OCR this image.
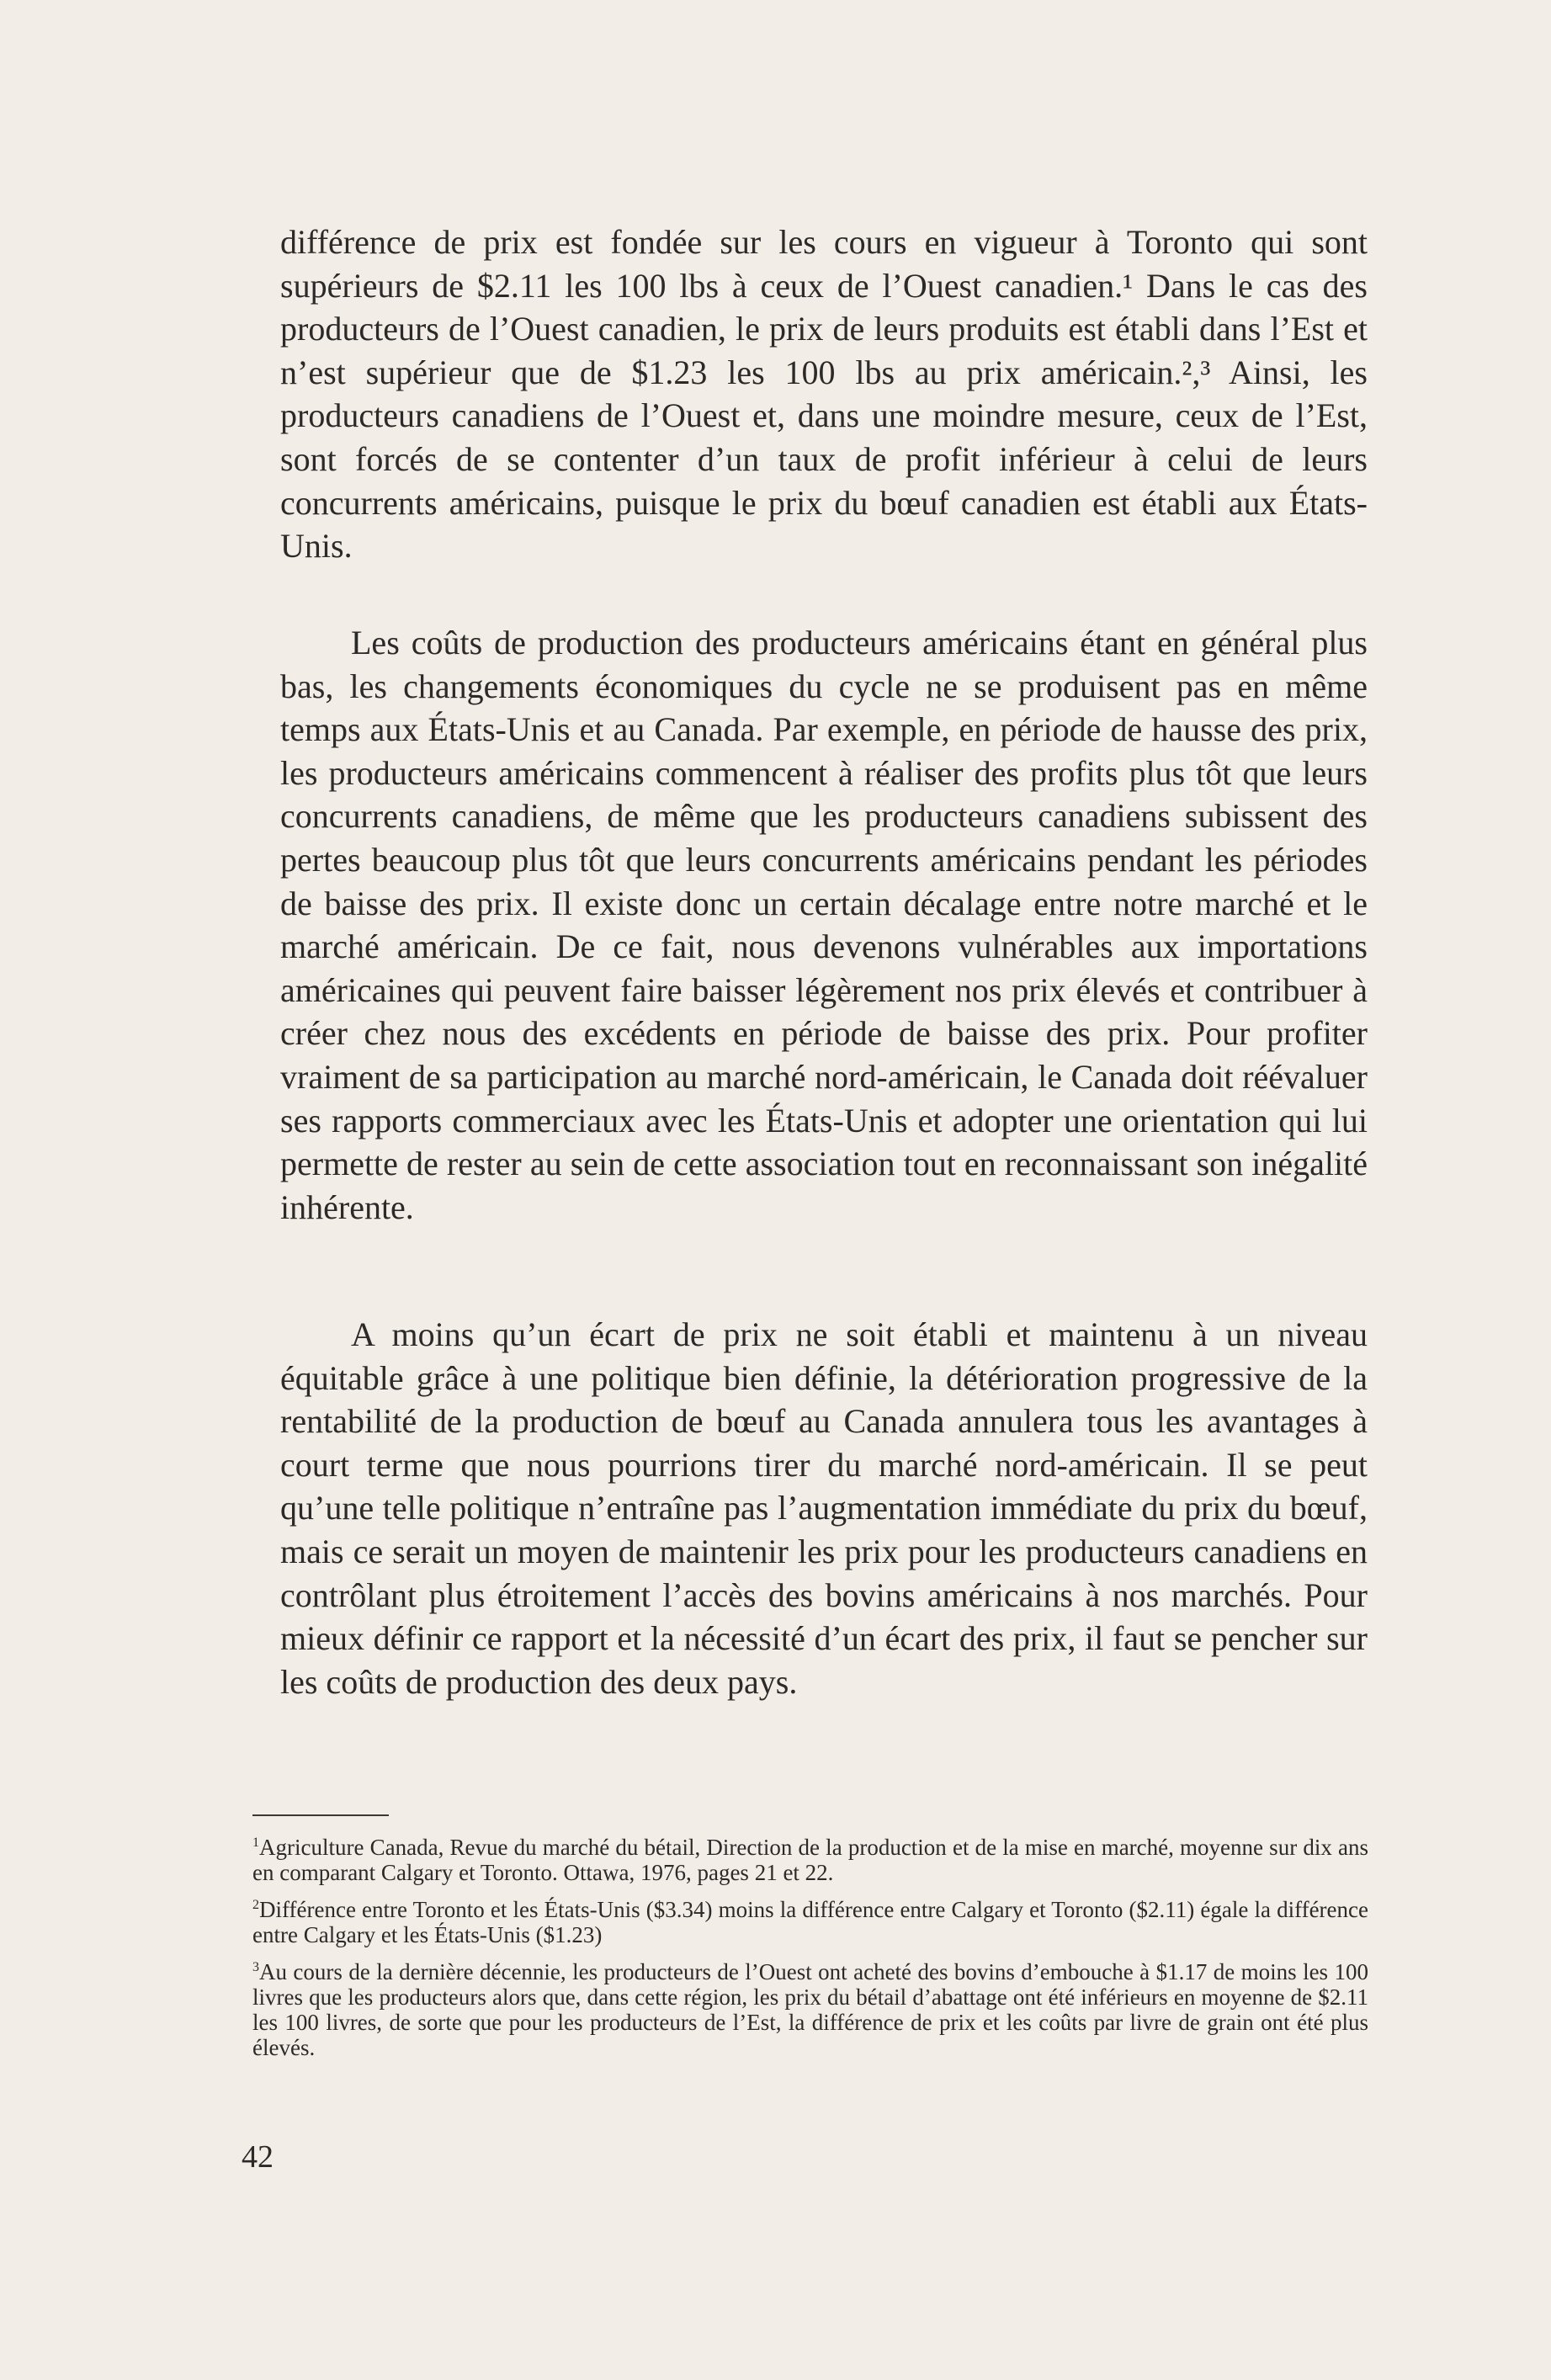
différence de prix est fondée sur les cours en vigueur à Toronto qui sont supérieurs de $2.11 les 100 lbs à ceux de l’Ouest canadien.¹ Dans le cas des producteurs de l’Ouest canadien, le prix de leurs produits est établi dans l’Est et n’est supérieur que de $1.23 les 100 lbs au prix américain.²,³ Ainsi, les producteurs canadiens de l’Ouest et, dans une moindre mesure, ceux de l’Est, sont forcés de se contenter d’un taux de profit inférieur à celui de leurs concurrents américains, puisque le prix du bœuf canadien est établi aux États-Unis.

Les coûts de production des producteurs américains étant en général plus bas, les changements économiques du cycle ne se produisent pas en même temps aux États-Unis et au Canada. Par exemple, en période de hausse des prix, les producteurs américains commencent à réaliser des profits plus tôt que leurs concurrents canadiens, de même que les producteurs canadiens subissent des pertes beaucoup plus tôt que leurs concurrents américains pendant les périodes de baisse des prix. Il existe donc un certain décalage entre notre marché et le marché américain. De ce fait, nous devenons vulnérables aux importations américaines qui peuvent faire baisser légèrement nos prix élevés et contribuer à créer chez nous des excédents en période de baisse des prix. Pour profiter vraiment de sa participation au marché nord-américain, le Canada doit réévaluer ses rapports commerciaux avec les États-Unis et adopter une orientation qui lui permette de rester au sein de cette association tout en reconnaissant son inégalité inhérente.

A moins qu’un écart de prix ne soit établi et maintenu à un niveau équitable grâce à une politique bien définie, la détérioration progressive de la rentabilité de la production de bœuf au Canada annulera tous les avantages à court terme que nous pourrions tirer du marché nord-américain. Il se peut qu’une telle politique n’entraîne pas l’augmentation immédiate du prix du bœuf, mais ce serait un moyen de maintenir les prix pour les producteurs canadiens en contrôlant plus étroitement l’accès des bovins américains à nos marchés. Pour mieux définir ce rapport et la nécessité d’un écart des prix, il faut se pencher sur les coûts de production des deux pays.

$^1$Agriculture Canada, Revue du marché du bétail, Direction de la production et de la mise en marché, moyenne sur dix ans en comparant Calgary et Toronto. Ottawa, 1976, pages 21 et 22.

$^2$Différence entre Toronto et les États-Unis ($3.34) moins la différence entre Calgary et Toronto ($2.11) égale la différence entre Calgary et les États-Unis ($1.23)

$^3$Au cours de la dernière décennie, les producteurs de l’Ouest ont acheté des bovins d’embouche à $1.17 de moins les 100 livres que les producteurs alors que, dans cette région, les prix du bétail d’abattage ont été inférieurs en moyenne de $2.11 les 100 livres, de sorte que pour les producteurs de l’Est, la différence de prix et les coûts par livre de grain ont été plus élevés.

42
